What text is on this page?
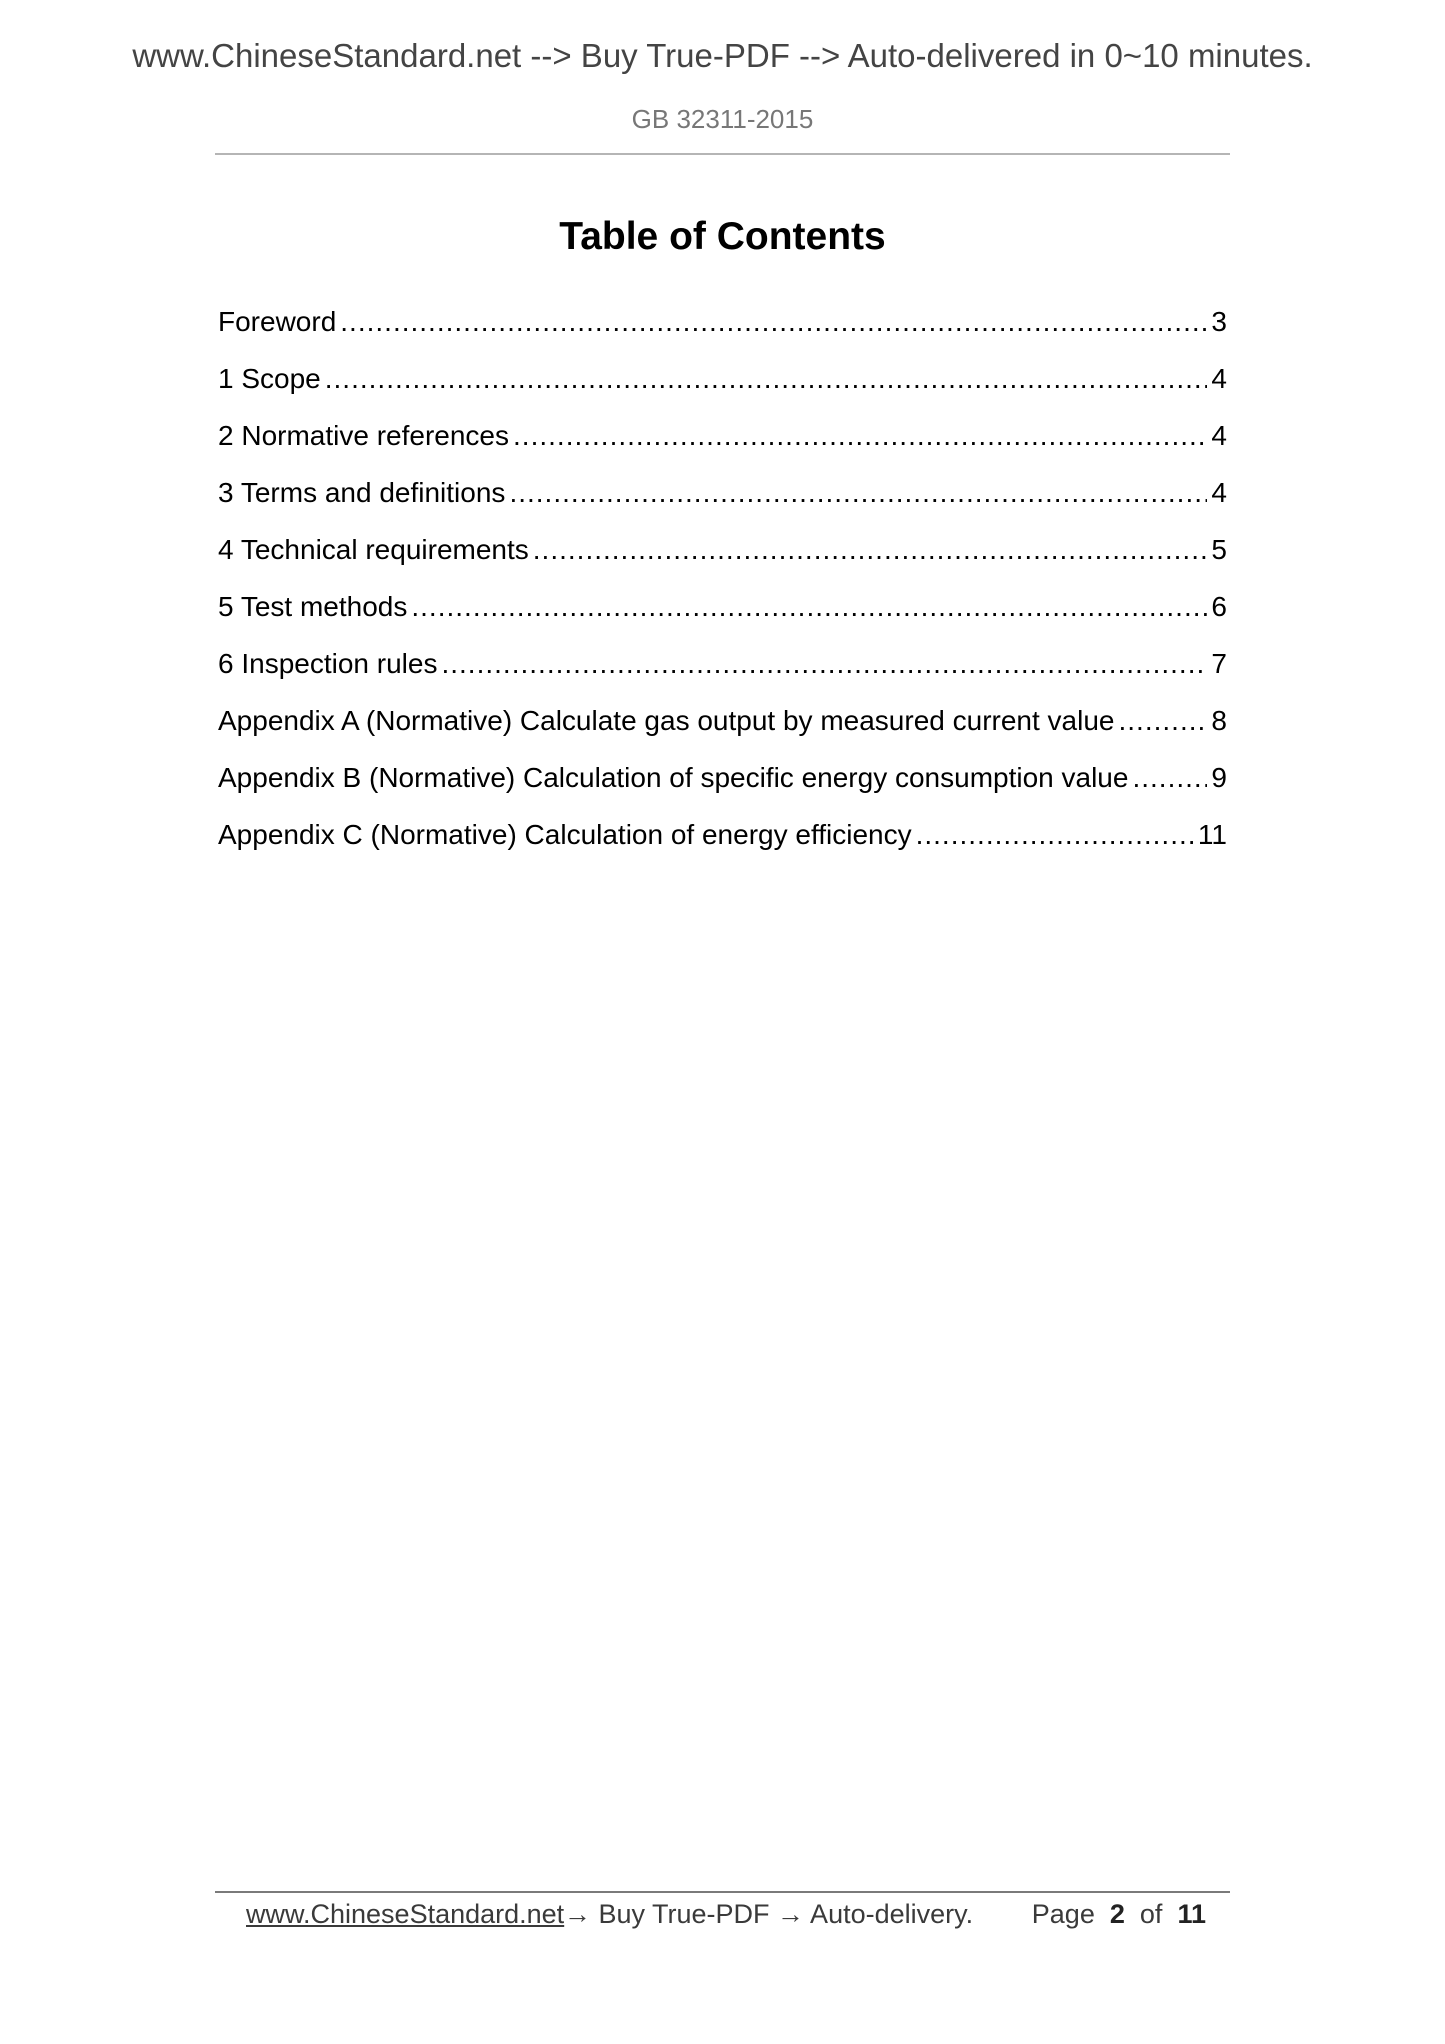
www.ChineseStandard.net --> Buy True-PDF --> Auto-delivered in 0~10 minutes.
GB 32311-2015
Table of Contents
Foreword .....	3
1 Scope .....	4
2 Normative references .....	4
3 Terms and definitions .....	4
4 Technical requirements .....	5
5 Test methods .....	6
6 Inspection rules .....	7
Appendix A (Normative) Calculate gas output by measured current value .....	8
Appendix B (Normative) Calculation of specific energy consumption value .....	9
Appendix C (Normative) Calculation of energy efficiency .....	11
www.ChineseStandard.net → Buy True-PDF → Auto-delivery. Page 2 of 11
